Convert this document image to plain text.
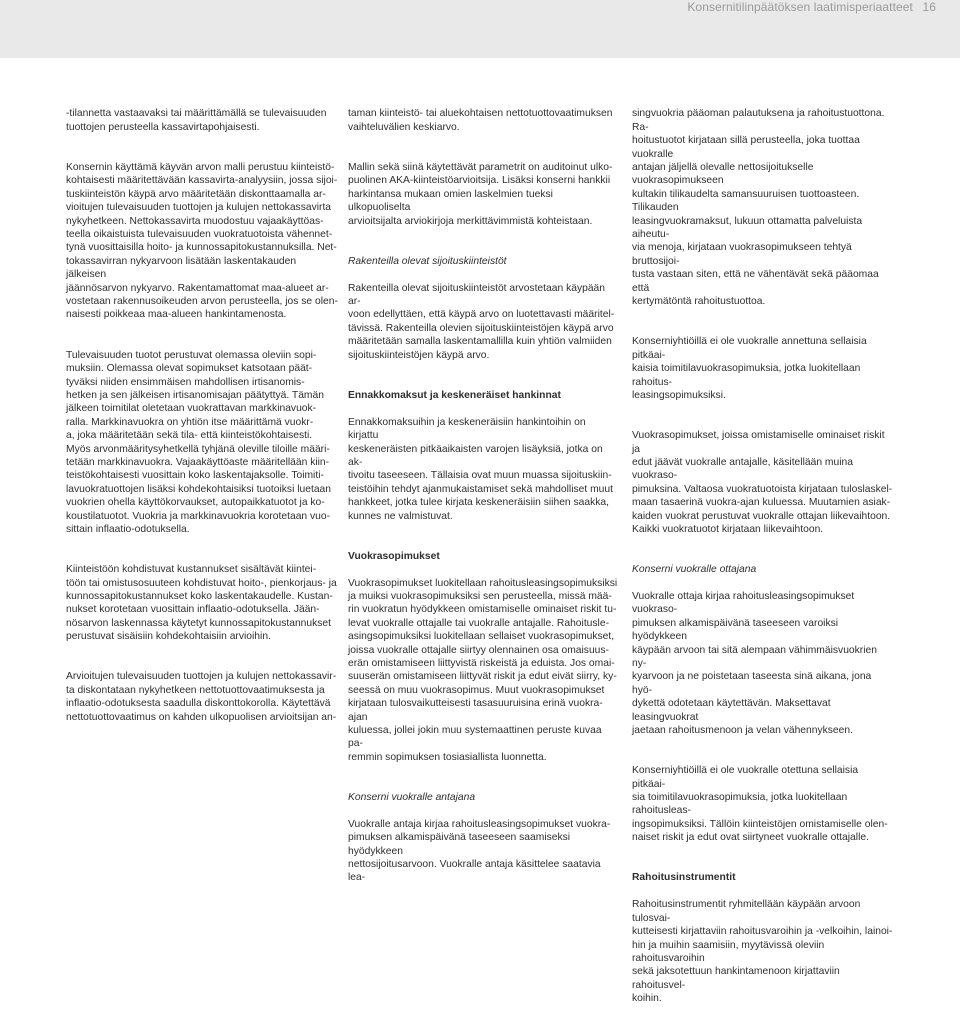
Konsernitilinpäätöksen laatimisperiaatteet 16

-tilannetta vastaavaksi tai määrittämällä se tulevaisuuden
tuottojen perusteella kassavirtapohjaisesti.

Konsernin käyttämä käyvän arvon malli perustuu kiinteistö-
kohtaisesti määritettävään kassavirta-analyysiin, jossa sijoi-
tuskiinteistön käypä arvo määritetään diskonttaamalla ar-
vioitujen tulevaisuuden tuottojen ja kulujen nettokassavirta
nykyhetkeen. Nettokassavirta muodostuu vajaakäyttöas-
teella oikaistuista tulevaisuuden vuokratuotoista vähennet-
tynä vuosittaisilla hoito- ja kunnossapitokustannuksilla. Net-
tokassavirran nykyarvoon lisätään laskentakauden jälkeisen
jäännösarvon nykyarvo. Rakentamattomat maa-alueet ar-
vostetaan rakennusoikeuden arvon perusteella, jos se olen-
naisesti poikkeaa maa-alueen hankintamenosta.

Tulevaisuuden tuotot perustuvat olemassa oleviin sopi-
muksiin. Olemassa olevat sopimukset katsotaan päät-
tyväksi niiden ensimmäisen mahdollisen irtisanomis-
hetken ja sen jälkeisen irtisanomisajan päätyttyä. Tämän
jälkeen toimitilat oletetaan vuokrattavan markkinavuok-
ralla. Markkinavuokra on yhtiön itse määrittämä vuokr-
a, joka määritetään sekä tila- että kiinteistökohtaisesti.
Myös arvonmääritysyhetkellä tyhjänä oleville tiloille määri-
tetään markkinavuokra. Vajaakäyttöaste määritellään kiin-
teistökohtaisesti vuosittain koko laskentajaksolle. Toimiti-
lavuokratuottojen lisäksi kohdekohtaisiksi tuotoiksi luetaan
vuokrien ohella käyttökorvaukset, autopaikkatuotot ja ko-
koustilatuotot. Vuokria ja markkinavuokria korotetaan vuo-
sittain inflaatio-odotuksella.

Kiinteistöön kohdistuvat kustannukset sisältävät kiintei-
töön tai omistusosuuteen kohdistuvat hoito-, pienkorjaus- ja
kunnossapitokustannukset koko laskentakaudelle. Kustan-
nukset korotetaan vuosittain inflaatio-odotuksella. Jään-
nösarvon laskennassa käytetyt kunnossapitokustannukset
perustuvat sisäisiin kohdekohtaisiin arvioihin.

Arvioitujen tulevaisuuden tuottojen ja kulujen nettokassavir-
ta diskontataan nykyhetkeen nettotuottovaatimuksesta ja
inflaatio-odotuksesta saadulla diskonttokorolla. Käytettävä
nettotuottovaatimus on kahden ulkopuolisen arvioitsijan an-

taman kiinteistö- tai aluekohtaisen nettotuottovaatimuksen
vaihteluvälien keskiarvo.

Mallin sekä siinä käytettävät parametrit on auditoinut ulko-
puolinen AKA-kiinteistöarvioitsija. Lisäksi konserni hankkii
harkintansa mukaan omien laskelmien tueksi ulkopuoliselta
arvioitsijalta arviokirjoja merkittävimmistä kohteistaan.

Rakenteilla olevat sijoituskiinteistöt

Rakenteilla olevat sijoituskiinteistöt arvostetaan käypään ar-
voon edellyttäen, että käypä arvo on luotettavasti määritel-
tävissä. Rakenteilla olevien sijoituskiinteistöjen käypä arvo
määritetään samalla laskentamallilla kuin yhtiön valmiiden
sijoituskiinteistöjen käypä arvo.

Ennakkomaksut ja keskeneräiset hankinnat

Ennakkomaksuihin ja keskeneräisiin hankintoihin on kirjattu
keskeneräisten pitkäaikaisten varojen lisäyksiä, jotka on ak-
tivoitu taseeseen. Tällaisia ovat muun muassa sijoituskiin-
teistöihin tehdyt ajanmukaistamiset sekä mahdolliset muut
hankkeet, jotka tulee kirjata keskeneräisiin siihen saakka,
kunnes ne valmistuvat.

Vuokrasopimukset

Vuokrasopimukset luokitellaan rahoitusleasingsopimuksiksi
ja muiksi vuokrasopimuksiksi sen perusteella, missä mää-
rin vuokratun hyödykkeen omistamiselle ominaiset riskit tu-
levat vuokralle ottajalle tai vuokralle antajalle. Rahoitusle-
asingsopimuksiksi luokitellaan sellaiset vuokrasopimukset,
joissa vuokralle ottajalle siirtyy olennainen osa omaisuus-
erän omistamiseen liittyvistä riskeistä ja eduista. Jos omai-
suuserän omistamiseen liittyvät riskit ja edut eivät siirry, ky-
seessä on muu vuokrasopimus. Muut vuokrasopimukset
kirjataan tulosvaikutteisesti tasasuuruisina erinä vuokra-ajan
kuluessa, jollei jokin muu systemaattinen peruste kuvaa pa-
remmin sopimuksen tosiasiallista luonnetta.

Konserni vuokralle antajana

Vuokralle antaja kirjaa rahoitusleasingsopimukset vuokra-
pimuksen alkamispäivänä taseeseen saamiseksi hyödykkeen
nettosijoitusarvoon. Vuokralle antaja käsittelee saatavia lea-

singvuokria pääoman palautuksena ja rahoitustuottona. Ra-
hoitustuotot kirjataan sillä perusteella, joka tuottaa vuokralle
antajan jäljellä olevalle nettosijoitukselle vuokrasopimukseen
kultakin tilikaudelta samansuuruisen tuottoasteen. Tilikauden
leasingvuokramaksut, lukuun ottamatta palveluista aiheutu-
via menoja, kirjataan vuokrasopimukseen tehtyä bruttosijoi-
tusta vastaan siten, että ne vähentävät sekä pääomaa että
kertymätöntä rahoitustuottoa.

Konserniyhtiöillä ei ole vuokralle annettuna sellaisia pitkäai-
kaisia toimitilavuokrasopimuksia, jotka luokitellaan rahoitus-
leasingsopimuksiksi.

Vuokrasopimukset, joissa omistamiselle ominaiset riskit ja
edut jäävät vuokralle antajalle, käsitellään muina vuokraso-
pimuksina. Valtaosa vuokratuotoista kirjataan tuloslaskel-
maan tasaerinä vuokra-ajan kuluessa. Muutamien asiak-
kaiden vuokrat perustuvat vuokralle ottajan liikevaihtoon.
Kaikki vuokratuotot kirjataan liikevaihtoon.

Konserni vuokralle ottajana

Vuokralle ottaja kirjaa rahoitusleasingsopimukset vuokraso-
pimuksen alkamispäivänä taseeseen varoiksi hyödykkeen
käypään arvoon tai sitä alempaan vähimmäisvuokrien ny-
kyarvoon ja ne poistetaan taseesta sinä aikana, jona hyö-
dykettä odotetaan käytettävän. Maksettavat leasingvuokrat
jaetaan rahoitusmenoon ja velan vähennykseen.

Konserniyhtiöillä ei ole vuokralle otettuna sellaisia pitkäai-
sia toimitilavuokrasopimuksia, jotka luokitellaan rahoitusleas-
ingsopimuksiksi. Tällöin kiinteistöjen omistamiselle olen-
naiset riskit ja edut ovat siirtyneet vuokralle ottajalle.

Rahoitusinstrumentit

Rahoitusinstrumentit ryhmitellään käypään arvoon tulosvai-
kutteisesti kirjattaviin rahoitusvaroihin ja -velkoihin, lainoi-
hin ja muihin saamisiin, myytävissä oleviin rahoitusvaroihin
sekä jaksotettuun hankintamenoon kirjattaviin rahoitusvel-
koihin.
